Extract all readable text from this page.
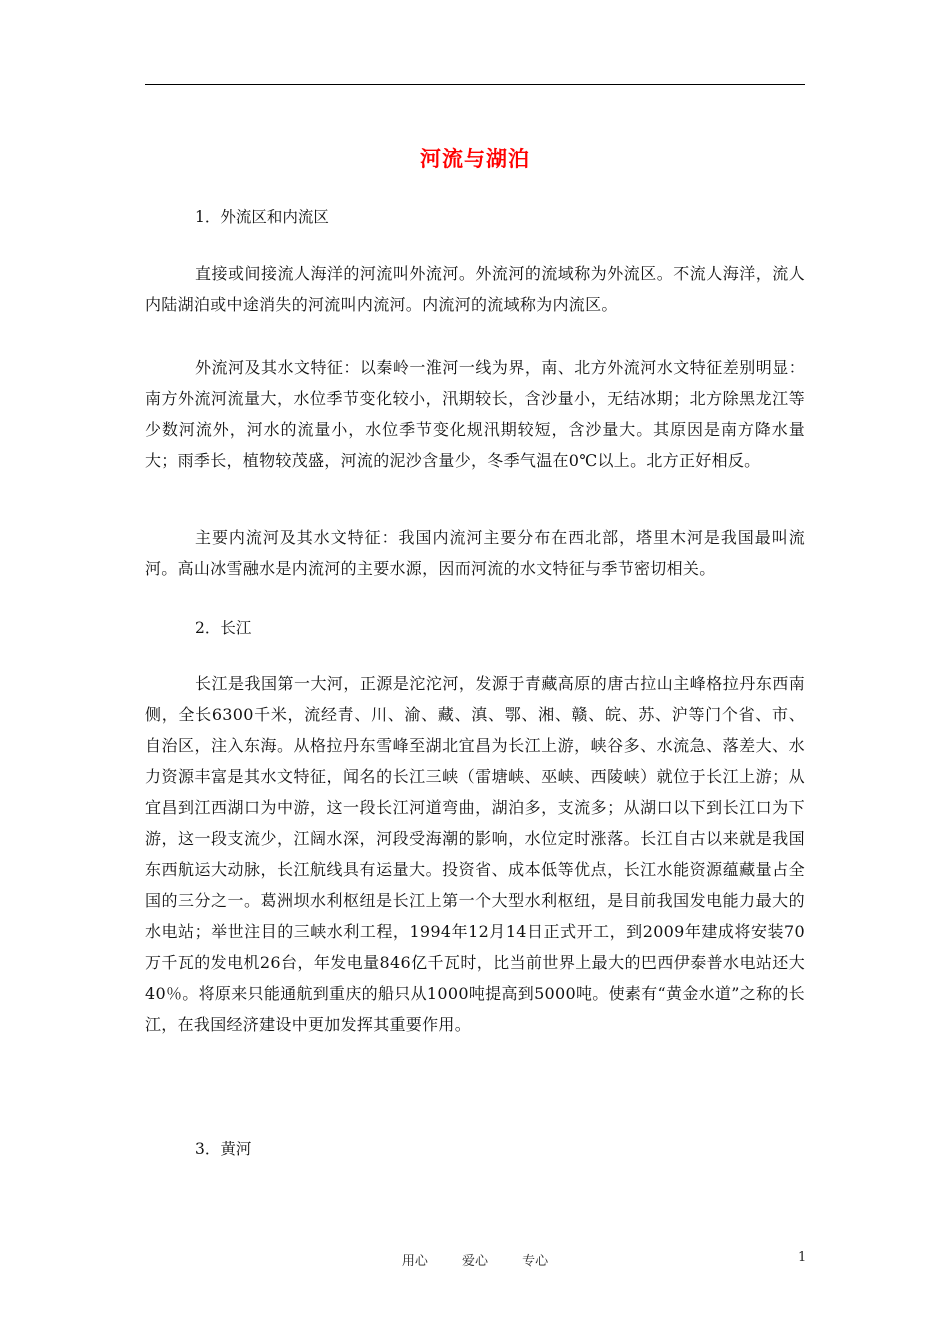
河流与湖泊
1．外流区和内流区
直接或间接流人海洋的河流叫外流河。外流河的流域称为外流区。不流人海洋，流人内陆湖泊或中途消失的河流叫内流河。内流河的流域称为内流区。
外流河及其水文特征：以秦岭一淮河一线为界，南、北方外流河水文特征差别明显：南方外流河流量大，水位季节变化较小，汛期较长，含沙量小，无结冰期；北方除黑龙江等少数河流外，河水的流量小，水位季节变化规汛期较短，含沙量大。其原因是南方降水量大；雨季长，植物较茂盛，河流的泥沙含量少，冬季气温在0℃以上。北方正好相反。
主要内流河及其水文特征：我国内流河主要分布在西北部，塔里木河是我国最叫流河。高山冰雪融水是内流河的主要水源，因而河流的水文特征与季节密切相关。
2．长江
长江是我国第一大河，正源是沱沱河，发源于青藏高原的唐古拉山主峰格拉丹东西南侧，全长6300千米，流经青、川、渝、藏、滇、鄂、湘、赣、皖、苏、沪等门个省、市、自治区，注入东海。从格拉丹东雪峰至湖北宜昌为长江上游，峡谷多、水流急、落差大、水力资源丰富是其水文特征，闻名的长江三峡（雷塘峡、巫峡、西陵峡）就位于长江上游；从宜昌到江西湖口为中游，这一段长江河道弯曲，湖泊多，支流多；从湖口以下到长江口为下游，这一段支流少，江阔水深，河段受海潮的影响，水位定时涨落。长江自古以来就是我国东西航运大动脉，长江航线具有运量大。投资省、成本低等优点，长江水能资源蕴藏量占全国的三分之一。葛洲坝水利枢纽是长江上第一个大型水利枢纽，是目前我国发电能力最大的水电站；举世注目的三峡水利工程，1994年12月14日正式开工，到2009年建成将安装70万千瓦的发电机26台，年发电量846亿千瓦时，比当前世界上最大的巴西伊泰普水电站还大40％。将原来只能通航到重庆的船只从1000吨提高到5000吨。使素有“黄金水道”之称的长江，在我国经济建设中更加发挥其重要作用。
3．黄河
用心	爱心	专心	1
